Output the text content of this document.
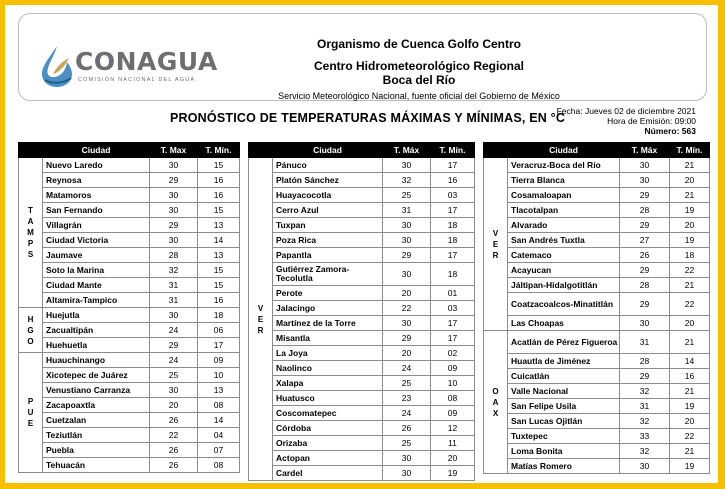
CONAGUA
COMISIÓN NACIONAL DEL AGUA
Organismo de Cuenca Golfo Centro
Centro Hidrometeorológico Regional
Boca del Río
Servicio Meteorológico Nacional, fuente oficial del Gobierno de México
PRONÓSTICO DE TEMPERATURAS MÁXIMAS Y MÍNIMAS, EN °C
Fecha: Jueves 02 de diciembre 2021
Hora de Emisión: 09:00
Número: 563
	Ciudad	T. Max	T. Mín.

T
A
M
P
S	Nuevo Laredo	30	15
	Reynosa	29	16
	Matamoros	30	16
	San Fernando	30	15
	Villagrán	29	13
	Ciudad Victoria	30	14
	Jaumave	28	13
	Soto la Marina	32	15
	Ciudad Mante	31	15
	Altamira-Tampico	31	16

H
G
O	Huejutla	30	18
	Zacualtipán	24	06
	Huehuetla	29	17

P
U
E	Huauchinango	24	09
	Xicotepec de Juárez	25	10
	Venustiano Carranza	30	13
	Zacapoaxtla	20	08
	Cuetzalan	26	14
	Teziutlán	22	04
	Puebla	26	07
	Tehuacán	26	08
	Ciudad	T. Máx	T. Mín.

V
E
R	Pánuco	30	17
	Platón Sánchez	32	16
	Huayacocotla	25	03
	Cerro Azul	31	17
	Tuxpan	30	18
	Poza Rica	30	18
	Papantla	29	17
	Gutiérrez Zamora-Tecolutla	30	18
	Perote	20	01
	Jalacingo	22	03
	Martínez de la Torre	30	17
	Misantla	29	17
	La Joya	20	02
	Naolinco	24	09
	Xalapa	25	10
	Huatusco	23	08
	Coscomatepec	24	09
	Córdoba	26	12
	Orizaba	25	11
	Actopan	30	20
	Cardel	30	19
	Ciudad	T. Máx	T. Mín.

V
E
R	Veracruz-Boca del Río	30	21
	Tierra Blanca	30	20
	Cosamaloapan	29	21
	Tlacotalpan	28	19
	Alvarado	29	20
	San Andrés Tuxtla	27	19
	Catemaco	26	18
	Acayucan	29	22
	Jáltipan-Hidalgotitlán	28	21
	Coatzacoalcos-Minatitlán	29	22
	Las Choapas	30	20

O
A
X	Acatlán de Pérez Figueroa	31	21
	Huautla de Jiménez	28	14
	Cuicatlán	29	16
	Valle Nacional	32	21
	San Felipe Usila	31	19
	San Lucas Ojitlán	32	20
	Tuxtepec	33	22
	Loma Bonita	32	21
	Matías Romero	30	19
